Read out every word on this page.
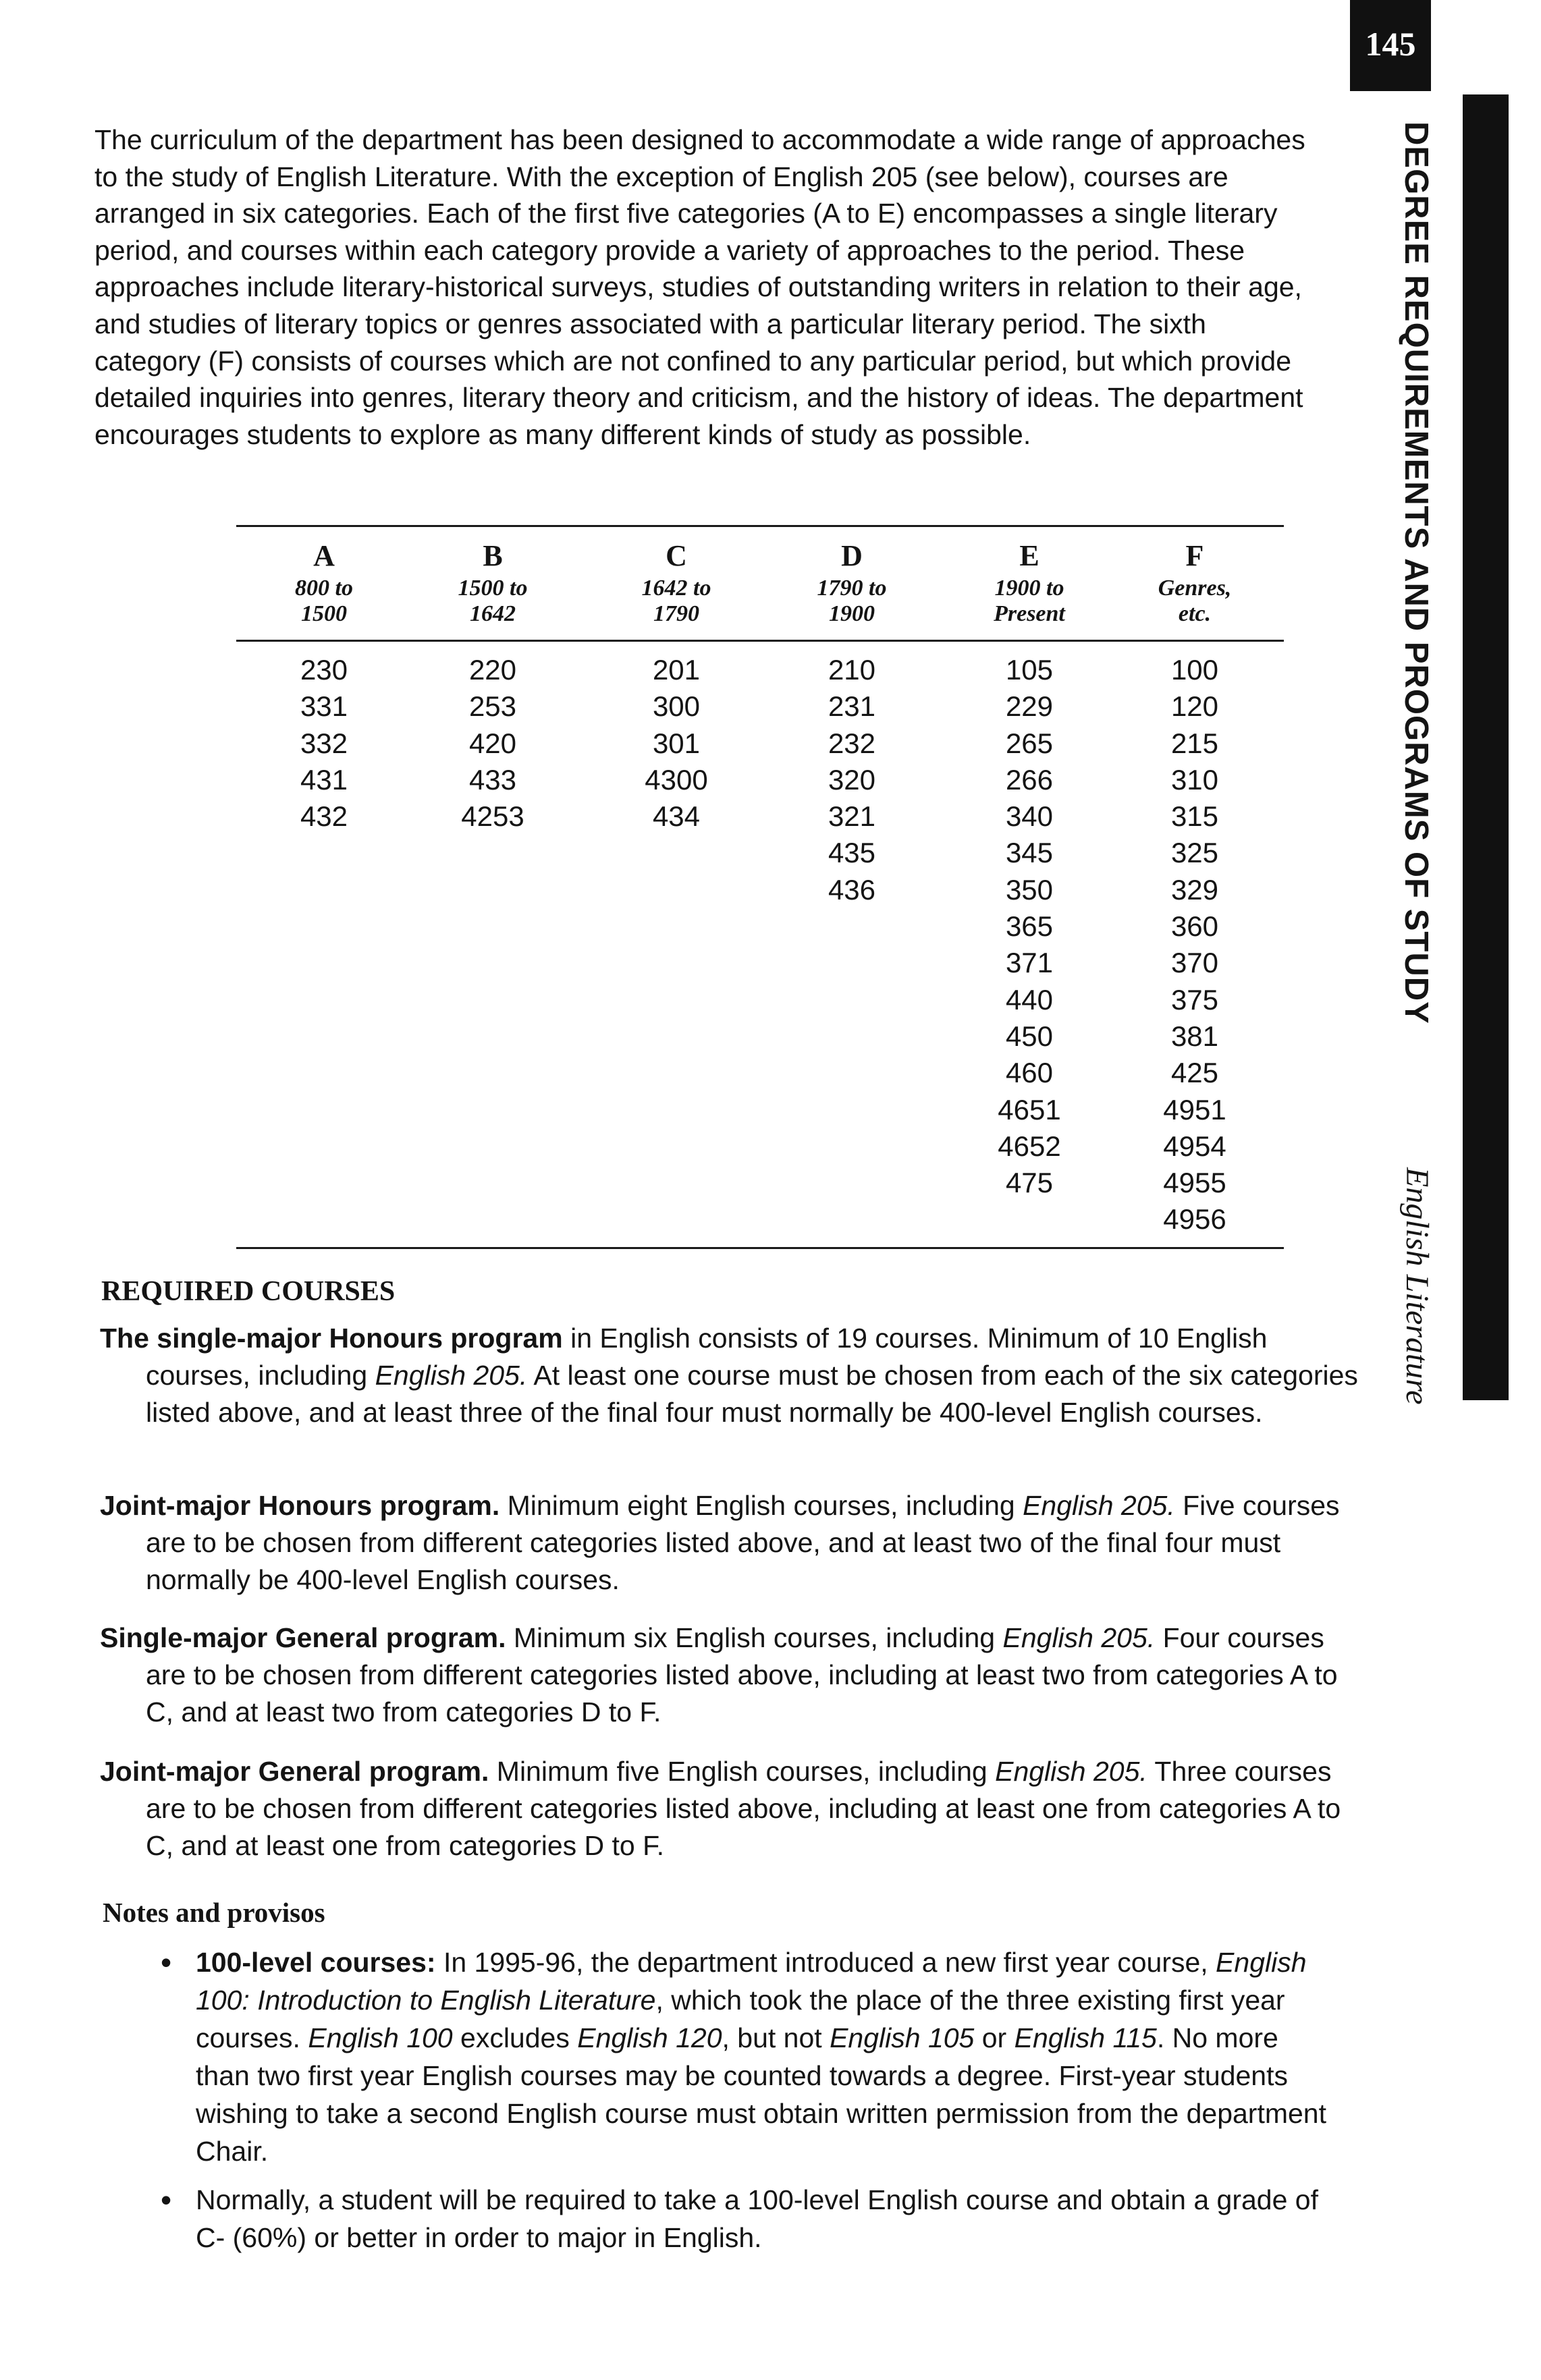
145
DEGREE REQUIREMENTS AND PROGRAMS OF STUDY
English Literature

The curriculum of the department has been designed to accommodate a wide range of approaches to the study of English Literature. With the exception of English 205 (see below), courses are arranged in six categories. Each of the first five categories (A to E) encompasses a single literary period, and courses within each category provide a variety of approaches to the period. These approaches include literary-historical surveys, studies of outstanding writers in relation to their age, and studies of literary topics or genres associated with a particular literary period. The sixth category (F) consists of courses which are not confined to any particular period, but which provide detailed inquiries into genres, literary theory and criticism, and the history of ideas. The department encourages students to explore as many different kinds of study as possible.

A
800 to
1500
230
331
332
431
432
B
1500 to
1642
220
253
420
433
4253
C
1642 to
1790
201
300
301
4300
434
D
1790 to
1900
210
231
232
320
321
435
436
E
1900 to
Present
105
229
265
266
340
345
350
365
371
440
450
460
4651
4652
475
F
Genres,
etc.
100
120
215
310
315
325
329
360
370
375
381
425
4951
4954
4955
4956
REQUIRED COURSES

The single-major Honours program in English consists of 19 courses. Minimum of 10 English courses, including English 205. At least one course must be chosen from each of the six categories listed above, and at least three of the final four must normally be 400-level English courses.

Joint-major Honours program. Minimum eight English courses, including English 205. Five courses are to be chosen from different categories listed above, and at least two of the final four must normally be 400-level English courses.

Single-major General program. Minimum six English courses, including English 205. Four courses are to be chosen from different categories listed above, including at least two from categories A to C, and at least two from categories D to F.

Joint-major General program. Minimum five English courses, including English 205. Three courses are to be chosen from different categories listed above, including at least one from categories A to C, and at least one from categories D to F.

Notes and provisos
• 100-level courses: In 1995-96, the department introduced a new first year course, English 100: Introduction to English Literature, which took the place of the three existing first year courses. English 100 excludes English 120, but not English 105 or English 115. No more than two first year English courses may be counted towards a degree. First-year students wishing to take a second English course must obtain written permission from the department Chair.
• Normally, a student will be required to take a 100-level English course and obtain a grade of C- (60%) or better in order to major in English.
